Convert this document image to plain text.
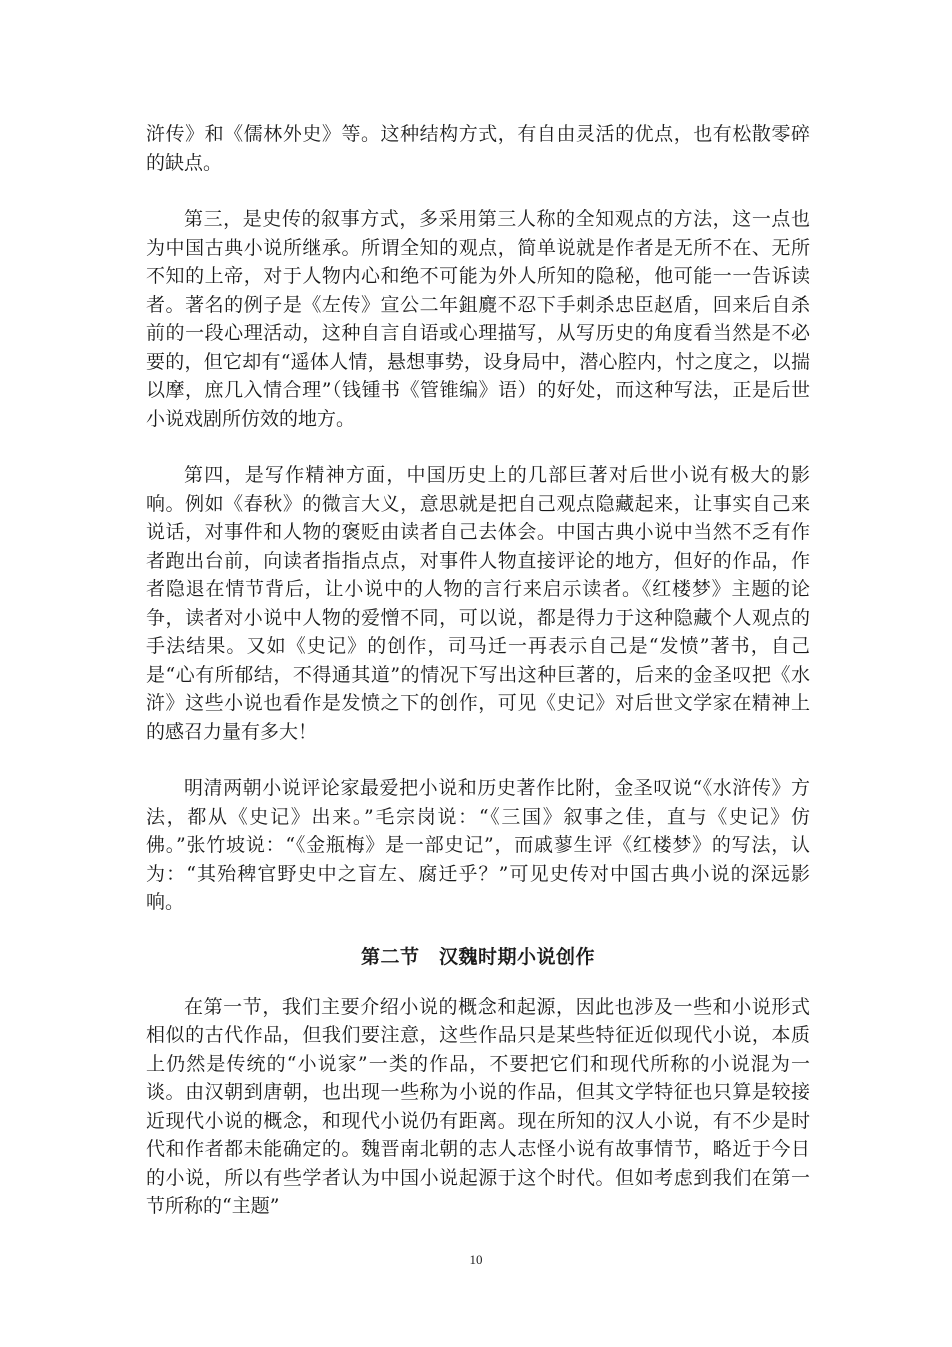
浒传》和《儒林外史》等。这种结构方式，有自由灵活的优点，也有松散零碎的缺点。

第三，是史传的叙事方式，多采用第三人称的全知观点的方法，这一点也为中国古典小说所继承。所谓全知的观点，简单说就是作者是无所不在、无所不知的上帝，对于人物内心和绝不可能为外人所知的隐秘，他可能一一告诉读者。著名的例子是《左传》宣公二年鉏麑不忍下手刺杀忠臣赵盾，回来后自杀前的一段心理活动，这种自言自语或心理描写，从写历史的角度看当然是不必要的，但它却有“遥体人情，悬想事势，设身局中，潜心腔内，忖之度之，以揣以摩，庶几入情合理”（钱锺书《管锥编》语）的好处，而这种写法，正是后世小说戏剧所仿效的地方。

第四，是写作精神方面，中国历史上的几部巨著对后世小说有极大的影响。例如《春秋》的微言大义，意思就是把自己观点隐藏起来，让事实自己来说话，对事件和人物的褒贬由读者自己去体会。中国古典小说中当然不乏有作者跑出台前，向读者指指点点，对事件人物直接评论的地方，但好的作品，作者隐退在情节背后，让小说中的人物的言行来启示读者。《红楼梦》主题的论争，读者对小说中人物的爱憎不同，可以说，都是得力于这种隐藏个人观点的手法结果。又如《史记》的创作，司马迁一再表示自己是“发愤”著书，自己是“心有所郁结，不得通其道”的情况下写出这种巨著的，后来的金圣叹把《水浒》这些小说也看作是发愤之下的创作，可见《史记》对后世文学家在精神上的感召力量有多大！

明清两朝小说评论家最爱把小说和历史著作比附，金圣叹说“《水浒传》方法，都从《史记》出来。”毛宗岗说：“《三国》叙事之佳，直与《史记》仿佛。”张竹坡说：“《金瓶梅》是一部史记”，而戚蓼生评《红楼梦》的写法，认为：“其殆稗官野史中之盲左、腐迁乎？”可见史传对中国古典小说的深远影响。

第二节　汉魏时期小说创作

在第一节，我们主要介绍小说的概念和起源，因此也涉及一些和小说形式相似的古代作品，但我们要注意，这些作品只是某些特征近似现代小说，本质上仍然是传统的“小说家”一类的作品，不要把它们和现代所称的小说混为一谈。由汉朝到唐朝，也出现一些称为小说的作品，但其文学特征也只算是较接近现代小说的概念，和现代小说仍有距离。现在所知的汉人小说，有不少是时代和作者都未能确定的。魏晋南北朝的志人志怪小说有故事情节，略近于今日的小说，所以有些学者认为中国小说起源于这个时代。但如考虑到我们在第一节所称的“主题”

10
